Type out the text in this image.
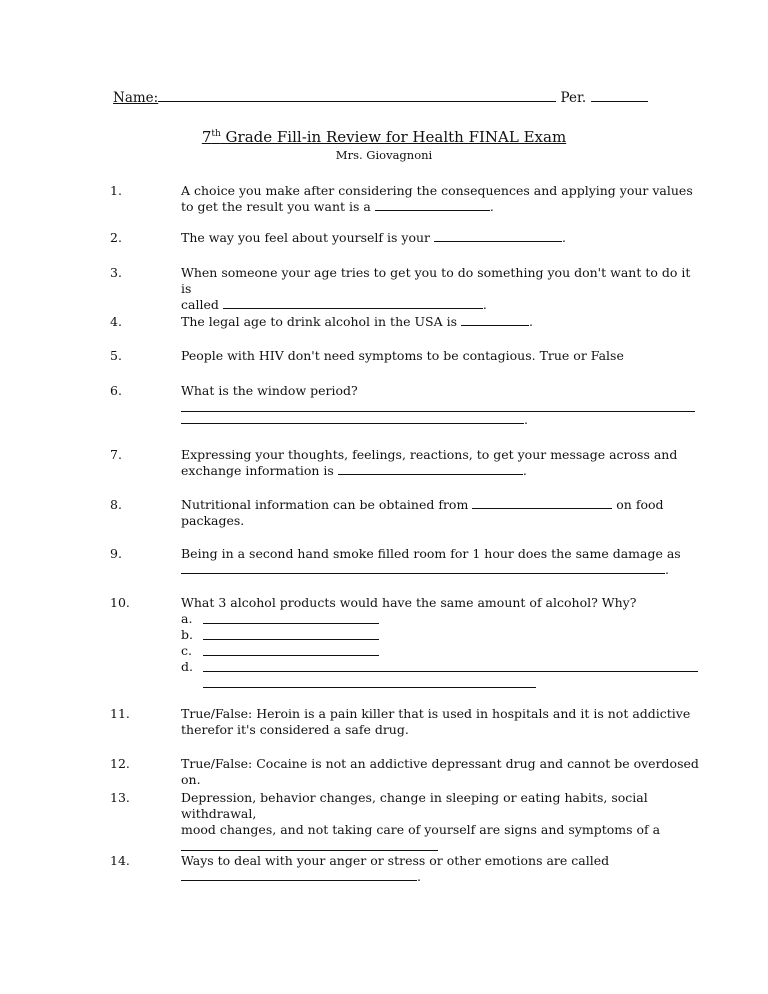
Name:	Per.
7th Grade Fill-in Review for Health FINAL Exam
Mrs. Giovagnoni
1.	A choice you make after considering the consequences and applying your values to get the result you want is a	.
2.	The way you feel about yourself is your	.
3.	When someone your age tries to get you to do something you don't want to do it is
called	.
4.	The legal age to drink alcohol in the USA is	.
5.	People with HIV don't need symptoms to be contagious. True or False
6.	What is the window period?
.
7.	Expressing your thoughts, feelings, reactions, to get your message across and
exchange information is	.
8.	Nutritional information can be obtained from	on food
packages.
9.	Being in a second hand smoke filled room for 1 hour does the same damage as
.
10.	What 3 alcohol products would have the same amount of alcohol? Why?
a.
b.
c.
d.
11.	True/False: Heroin is a pain killer that is used in hospitals and it is not addictive
therefor it's considered a safe drug.
12.	True/False: Cocaine is not an addictive depressant drug and cannot be overdosed on.
13.	Depression, behavior changes, change in sleeping or eating habits, social withdrawal,
mood changes, and not taking care of yourself are signs and symptoms of a
14.	Ways to deal with your anger or stress or other emotions are called
.
